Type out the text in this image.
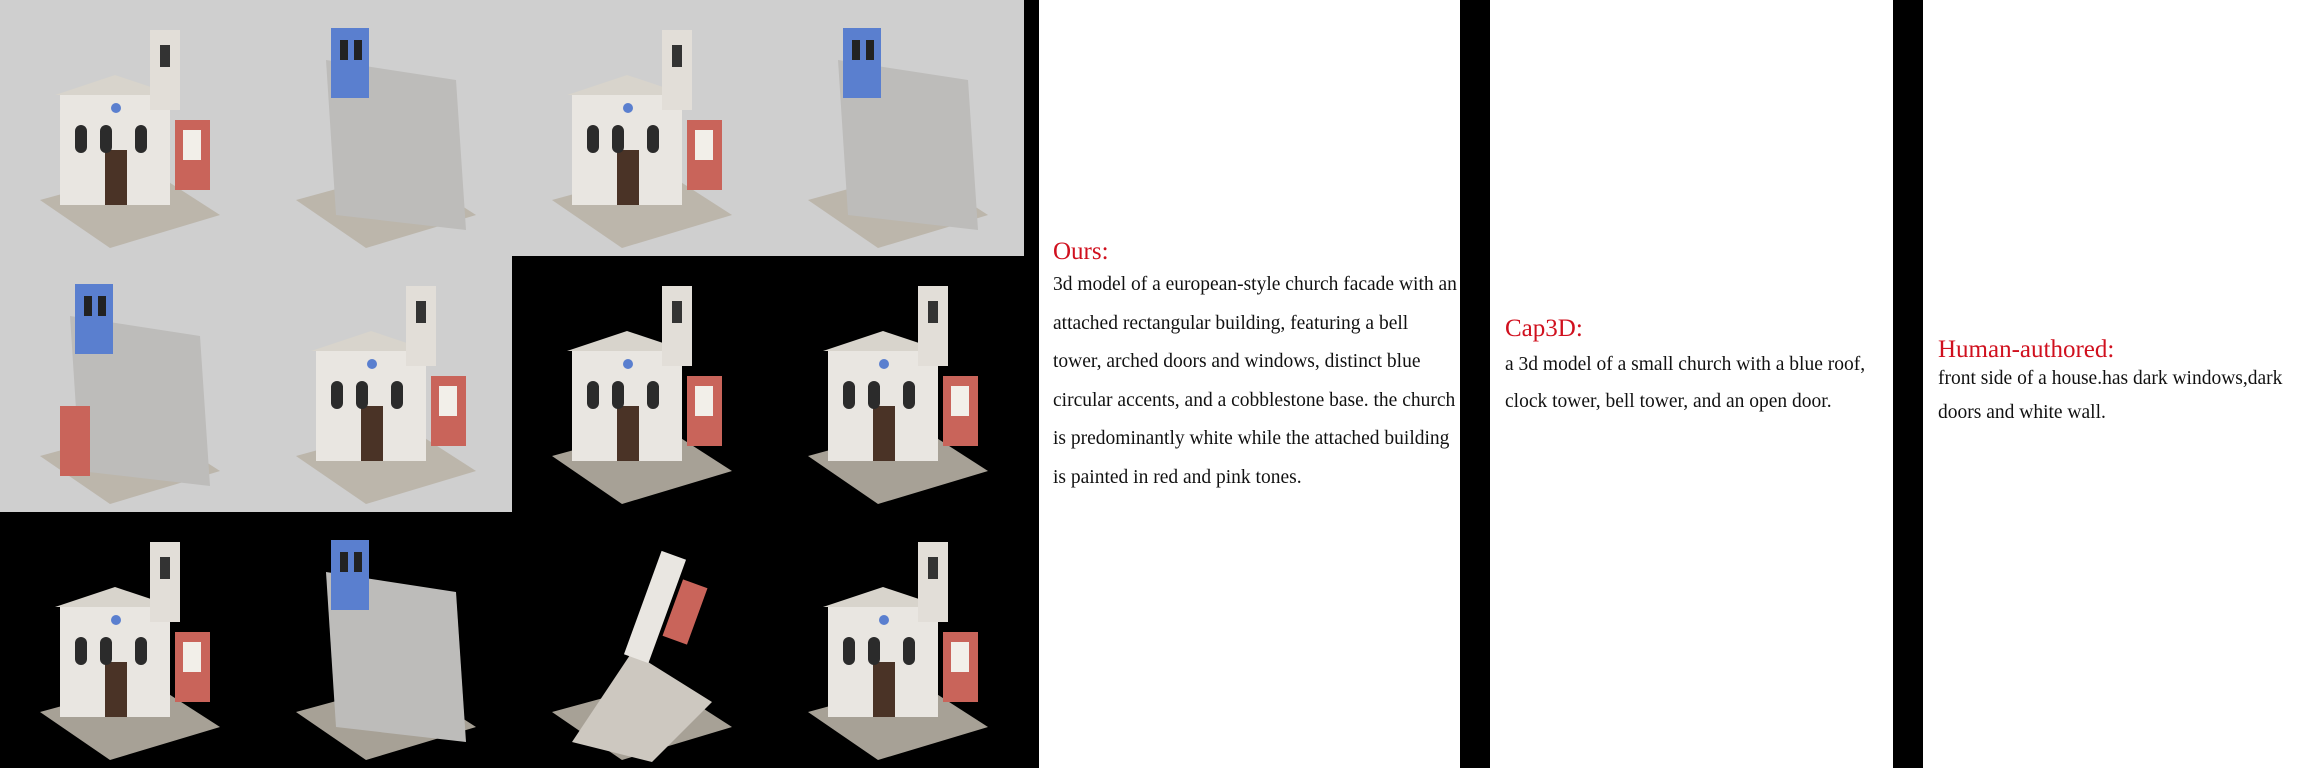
Ours:
3d model of a european-style church facade with an attached rectangular building, featuring a bell tower, arched doors and windows, distinct blue circular accents, and a cobblestone base. the church is predominantly white while the attached building is painted in red and pink tones.
Cap3D:
a 3d model of a small church with a blue roof, clock tower, bell tower, and an open door.
Human-authored:
front side of a house.has dark windows,dark doors and white wall.
